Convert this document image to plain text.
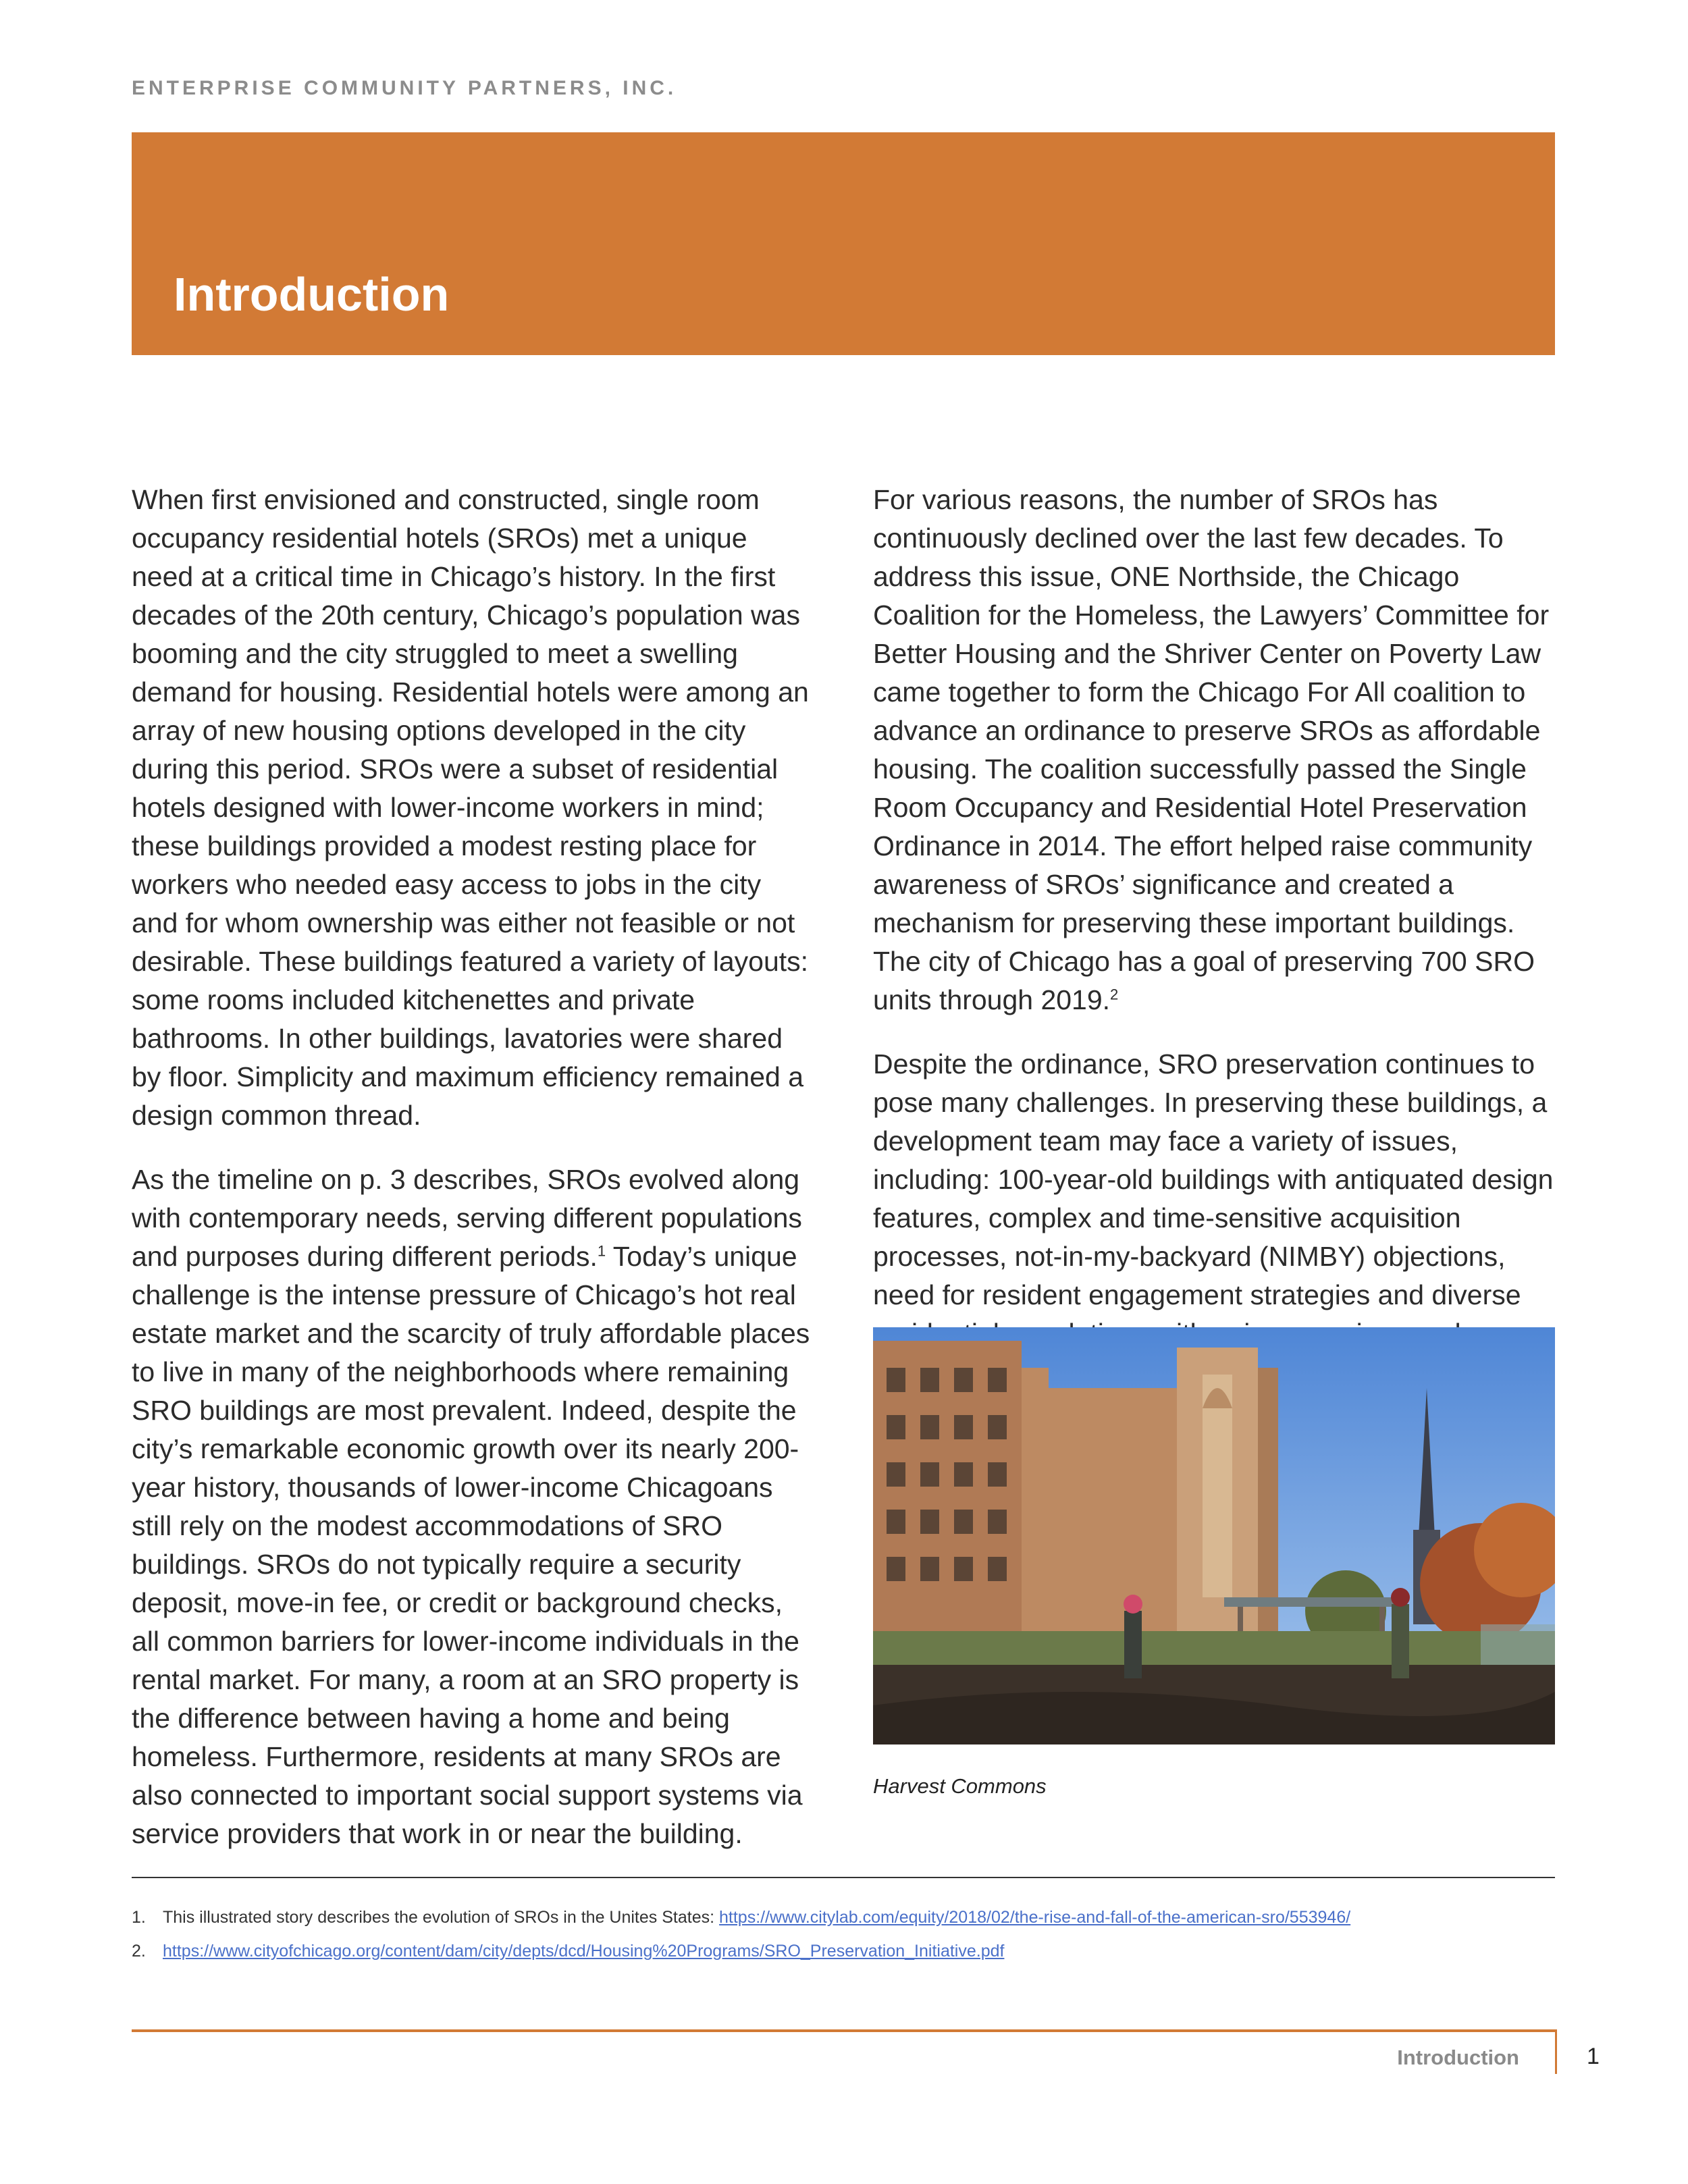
ENTERPRISE COMMUNITY PARTNERS, INC.
Introduction

When first envisioned and constructed, single room occupancy residential hotels (SROs) met a unique need at a critical time in Chicago’s history. In the first decades of the 20th century, Chicago’s population was booming and the city struggled to meet a swelling demand for housing. Residential hotels were among an array of new housing options developed in the city during this period. SROs were a subset of residential hotels designed with lower-income workers in mind; these buildings provided a modest resting place for workers who needed easy access to jobs in the city and for whom ownership was either not feasible or not desirable. These buildings featured a variety of layouts: some rooms included kitchenettes and private bathrooms. In other buildings, lavatories were shared by floor. Simplicity and maximum efficiency remained a design common thread.

As the timeline on p. 3 describes, SROs evolved along with contemporary needs, serving different populations and purposes during different periods.$^1$ Today’s unique challenge is the intense pressure of Chicago’s hot real estate market and the scarcity of truly affordable places to live in many of the neighborhoods where remaining SRO buildings are most prevalent. Indeed, despite the city’s remarkable economic growth over its nearly 200-year history, thousands of lower-income Chicagoans still rely on the modest accommodations of SRO buildings. SROs do not typically require a security deposit, move-in fee, or credit or background checks, all common barriers for lower-income individuals in the rental market. For many, a room at an SRO property is the difference between having a home and being homeless. Furthermore, residents at many SROs are also connected to important social support systems via service providers that work in or near the building.

For various reasons, the number of SROs has continuously declined over the last few decades. To address this issue, ONE Northside, the Chicago Coalition for the Homeless, the Lawyers’ Committee for Better Housing and the Shriver Center on Poverty Law came together to form the Chicago For All coalition to advance an ordinance to preserve SROs as affordable housing. The coalition successfully passed the Single Room Occupancy and Residential Hotel Preservation Ordinance in 2014. The effort helped raise community awareness of SROs’ significance and created a mechanism for preserving these important buildings. The city of Chicago has a goal of preserving 700 SRO units through 2019.$^2$

Despite the ordinance, SRO preservation continues to pose many challenges. In preserving these buildings, a development team may face a variety of issues, including: 100-year-old buildings with antiquated design features, complex and time-sensitive acquisition processes, not-in-my-backyard (NIMBY) objections, need for resident engagement strategies and diverse

Harvest Commons
1.	This illustrated story describes the evolution of SROs in the Unites States: https://www.citylab.com/equity/2018/02/the-rise-and-fall-of-the-american-sro/553946/
2.	https://www.cityofchicago.org/content/dam/city/depts/dcd/Housing%20Programs/SRO_Preservation_Initiative.pdf
Introduction	1
